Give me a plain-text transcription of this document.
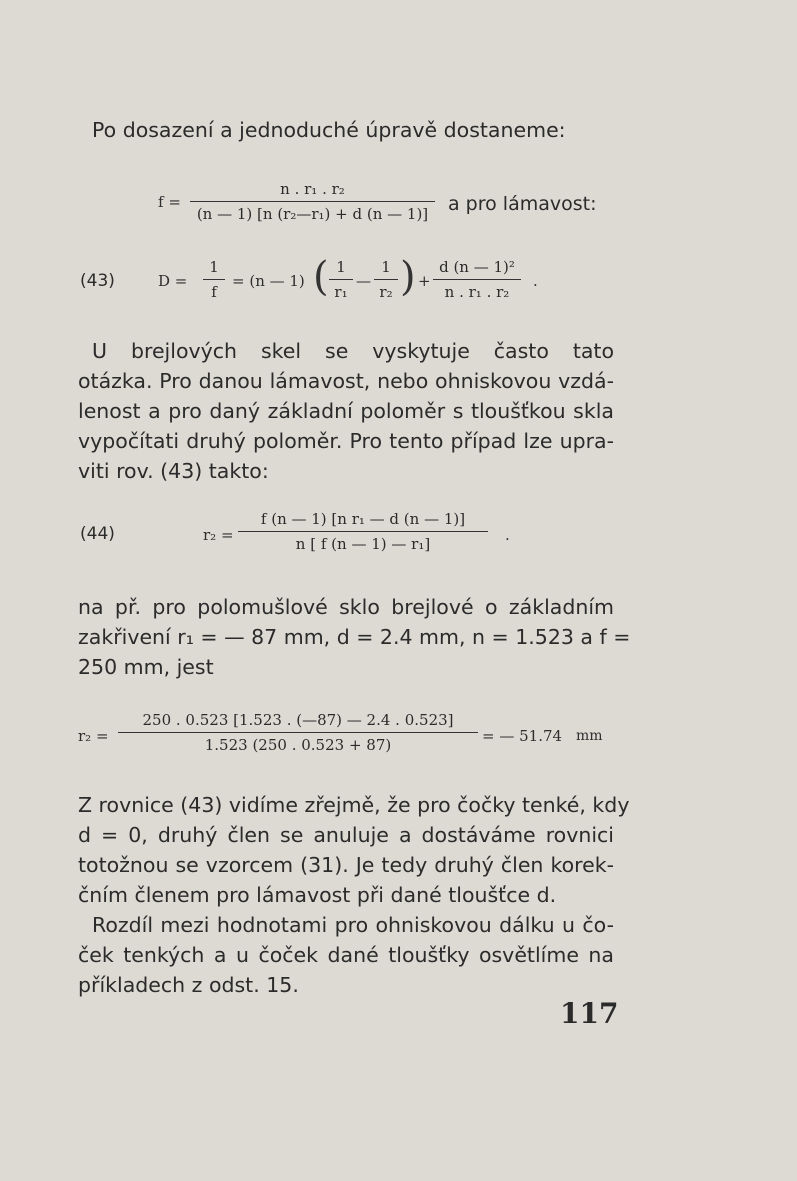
Po dosazení a jednoduché úpravě dostaneme:
f =
n . r₁ . r₂
(n — 1) [n (r₂—r₁) + d (n — 1)]	a pro lámavost:
(43)	D =
1
f
= (n — 1) ( 1
r₁
—
1
r₂ ) +
d (n — 1)²
n . r₁ . r₂
.
U brejlových skel se vyskytuje často tato
otázka. Pro danou lámavost, nebo ohniskovou vzdá-
lenost a pro daný základní poloměr s tloušťkou skla
vypočítati druhý poloměr. Pro tento případ lze upra-
viti rov. (43) takto:
(44)	r₂ =
f (n — 1) [n r₁ — d (n — 1)]
n [ f (n — 1) — r₁]	.
na př. pro polomušlové sklo brejlové o základním
zakřivení r₁ = — 87 mm, d = 2.4 mm, n = 1.523 a f =
250 mm, jest
r₂ =
250 . 0.523 [1.523 . (—87) — 2.4 . 0.523]
1.523 (250 . 0.523 + 87)	= — 51.74 mm
Z rovnice (43) vidíme zřejmě, že pro čočky tenké, kdy
d = 0, druhý člen se anuluje a dostáváme rovnici
totožnou se vzorcem (31). Je tedy druhý člen korek-
čním členem pro lámavost při dané tloušťce d.
Rozdíl mezi hodnotami pro ohniskovou dálku u čo-
ček tenkých a u čoček dané tloušťky osvětlíme na
příkladech z odst. 15.
117
